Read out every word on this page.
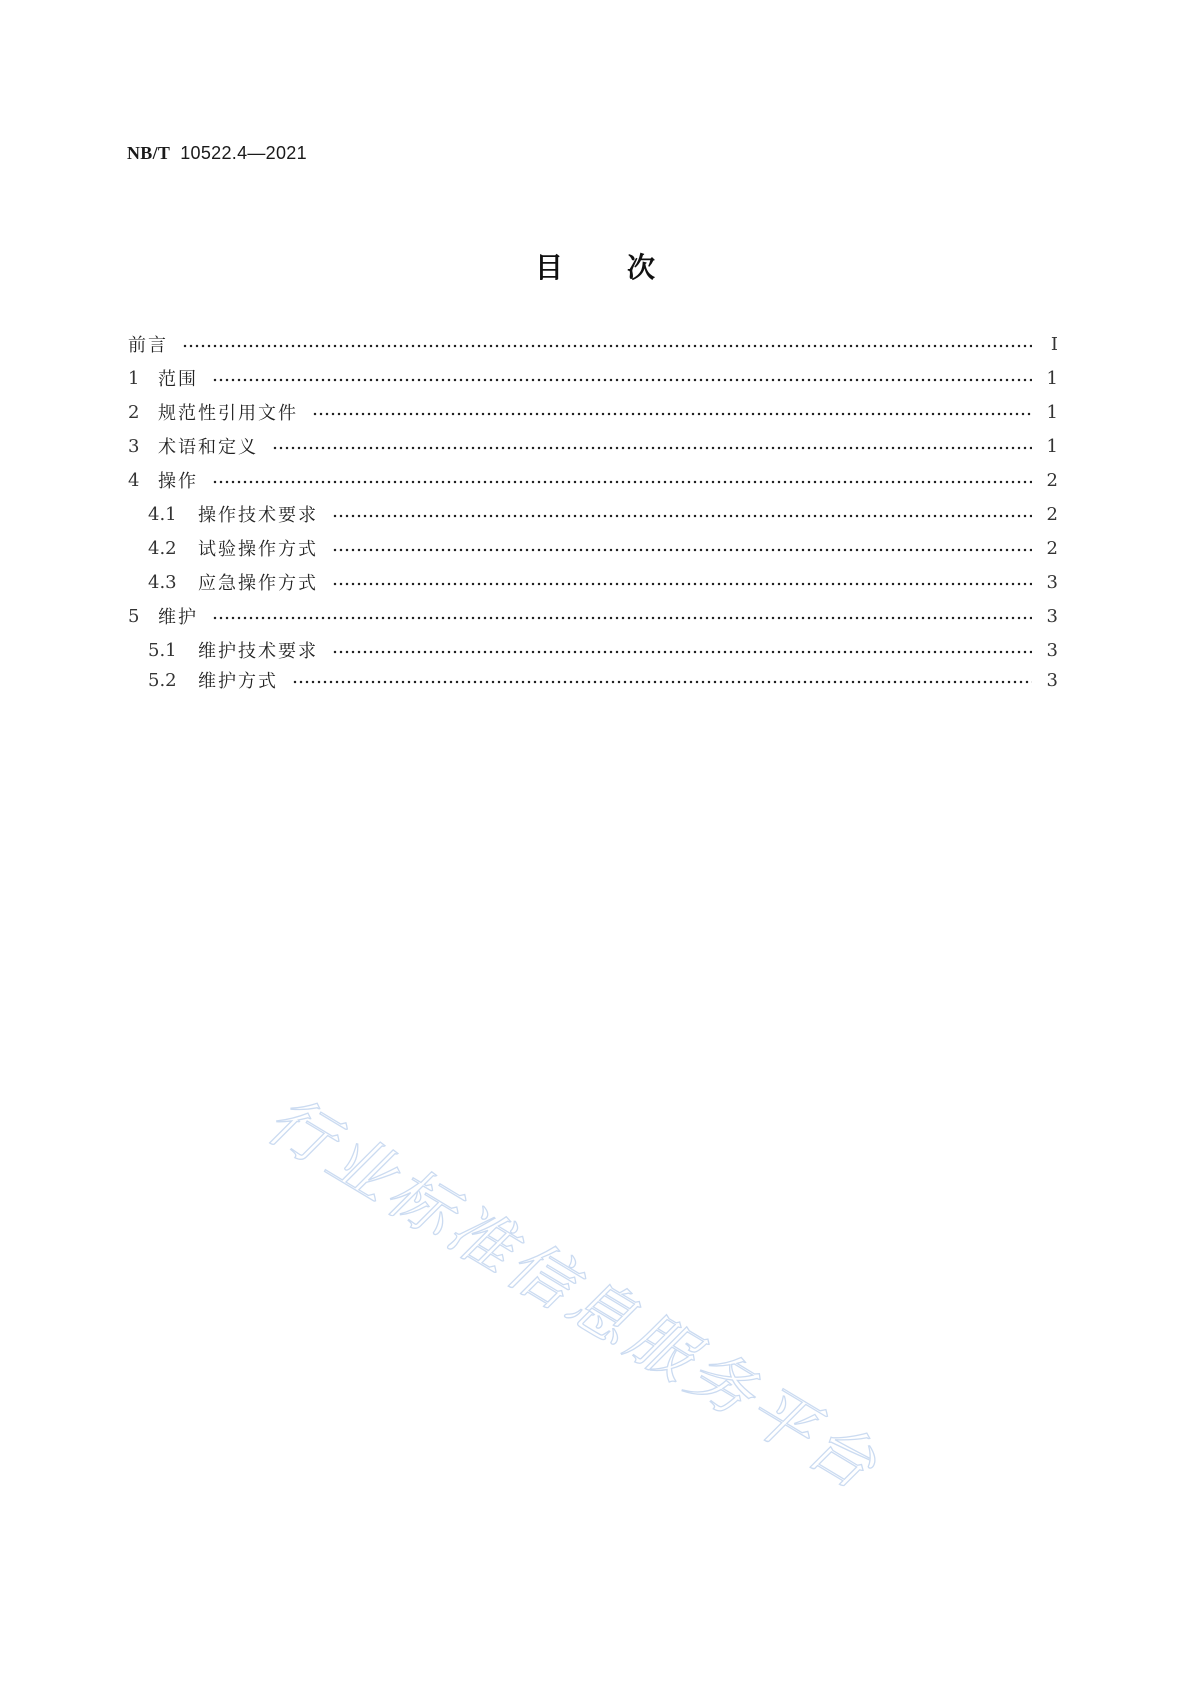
NB/T 10522.4—2021
目次
前言	Ⅰ
1	范围	1
2	规范性引用文件	1
3	术语和定义	1
4	操作	2
4.1	操作技术要求	2
4.2	试验操作方式	2
4.3	应急操作方式	3
5	维护	3
5.1	维护技术要求	3
5.2	维护方式	3
行业标准信息服务平台
